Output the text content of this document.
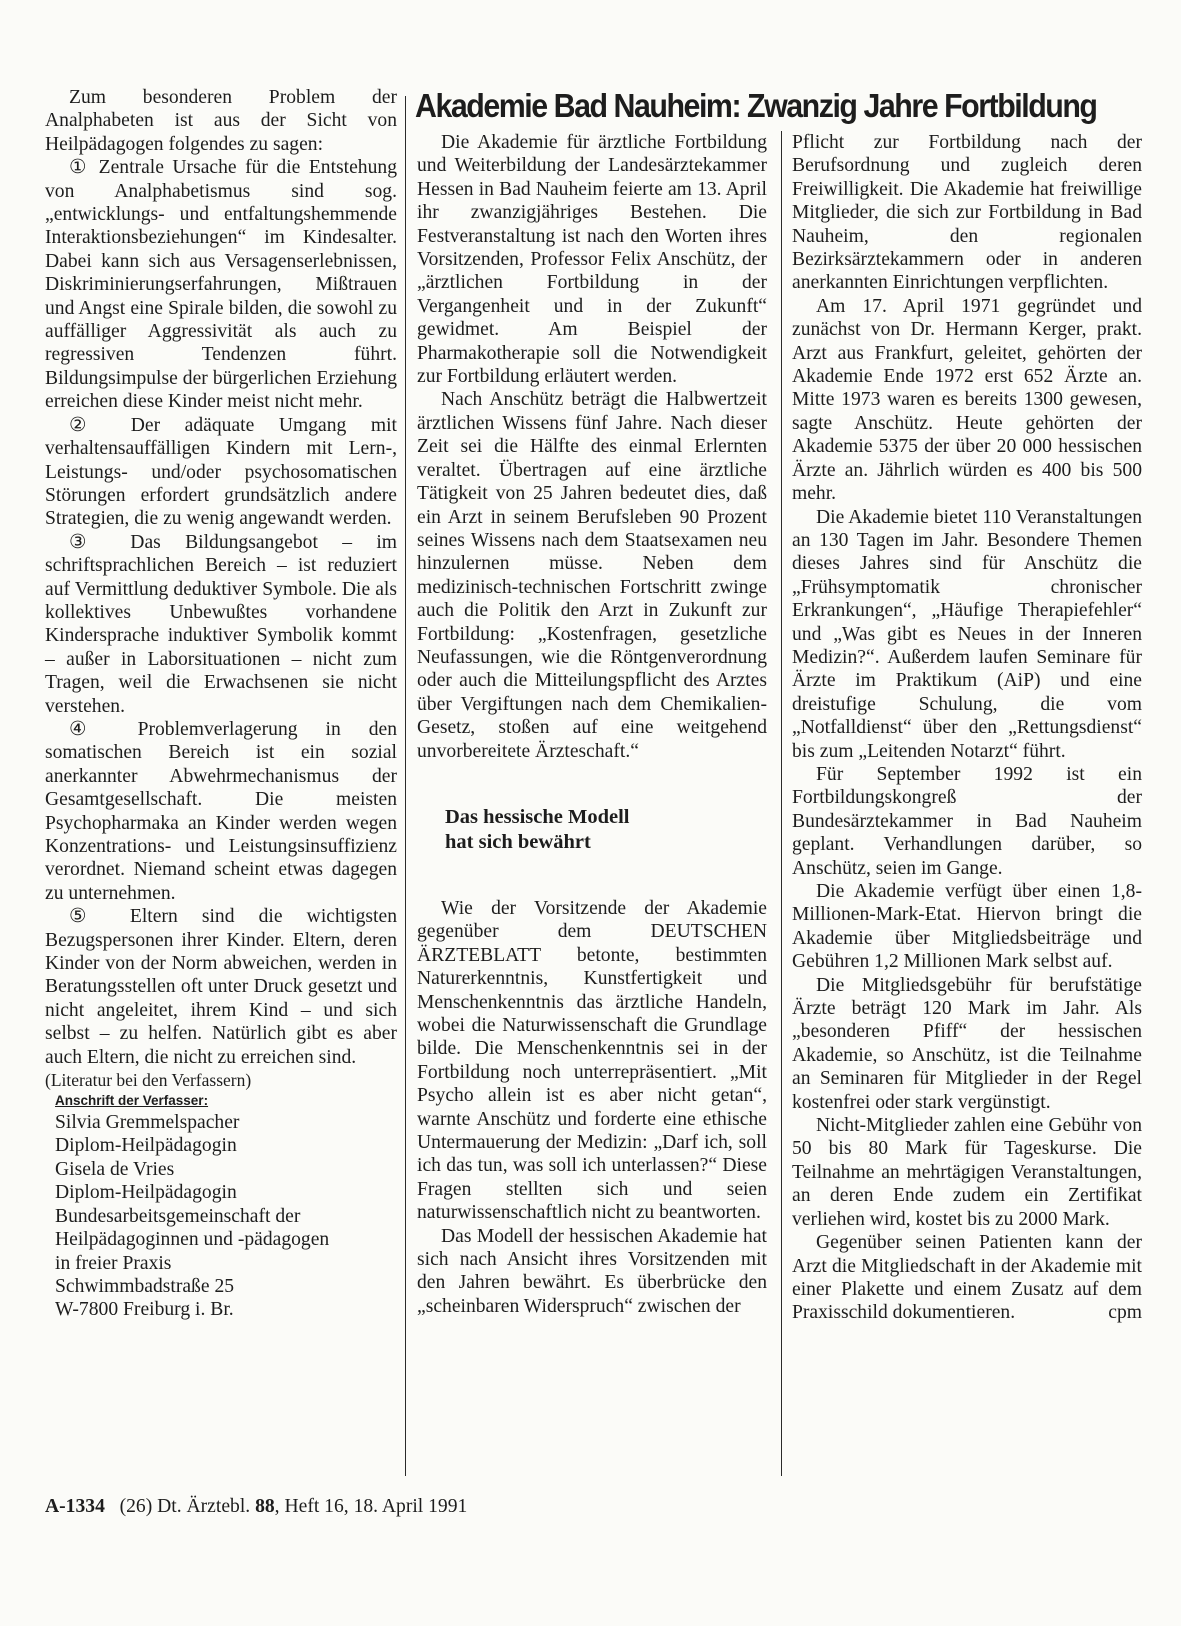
Akademie Bad Nauheim: Zwanzig Jahre Fortbildung

Zum besonderen Problem der Analphabeten ist aus der Sicht von Heilpädagogen folgendes zu sagen:

① Zentrale Ursache für die Entstehung von Analphabetismus sind sog. „entwicklungs- und entfaltungshemmende Interaktionsbeziehungen“ im Kindesalter. Dabei kann sich aus Versagenserlebnissen, Diskriminierungserfahrungen, Mißtrauen und Angst eine Spirale bilden, die sowohl zu auffälliger Aggressivität als auch zu regressiven Tendenzen führt. Bildungsimpulse der bürgerlichen Erziehung erreichen diese Kinder meist nicht mehr.

② Der adäquate Umgang mit verhaltensauffälligen Kindern mit Lern-, Leistungs- und/oder psychosomatischen Störungen erfordert grundsätzlich andere Strategien, die zu wenig angewandt werden.

③ Das Bildungsangebot – im schriftsprachlichen Bereich – ist reduziert auf Vermittlung deduktiver Symbole. Die als kollektives Unbewußtes vorhandene Kindersprache induktiver Symbolik kommt – außer in Laborsituationen – nicht zum Tragen, weil die Erwachsenen sie nicht verstehen.

④ Problemverlagerung in den somatischen Bereich ist ein sozial anerkannter Abwehrmechanismus der Gesamtgesellschaft. Die meisten Psychopharmaka an Kinder werden wegen Konzentrations- und Leistungsinsuffizienz verordnet. Niemand scheint etwas dagegen zu unternehmen.

⑤ Eltern sind die wichtigsten Bezugspersonen ihrer Kinder. Eltern, deren Kinder von der Norm abweichen, werden in Beratungsstellen oft unter Druck gesetzt und nicht angeleitet, ihrem Kind – und sich selbst – zu helfen. Natürlich gibt es aber auch Eltern, die nicht zu erreichen sind.

(Literatur bei den Verfassern)
Anschrift der Verfasser:
Silvia Gremmelspacher
Diplom-Heilpädagogin
Gisela de Vries
Diplom-Heilpädagogin
Bundesarbeitsgemeinschaft der
Heilpädagoginnen und -pädagogen
in freier Praxis
Schwimmbadstraße 25
W-7800 Freiburg i. Br.

Die Akademie für ärztliche Fortbildung und Weiterbildung der Landesärztekammer Hessen in Bad Nauheim feierte am 13. April ihr zwanzigjähriges Bestehen. Die Festveranstaltung ist nach den Worten ihres Vorsitzenden, Professor Felix Anschütz, der „ärztlichen Fortbildung in der Vergangenheit und in der Zukunft“ gewidmet. Am Beispiel der Pharmakotherapie soll die Notwendigkeit zur Fortbildung erläutert werden.

Nach Anschütz beträgt die Halbwertzeit ärztlichen Wissens fünf Jahre. Nach dieser Zeit sei die Hälfte des einmal Erlernten veraltet. Übertragen auf eine ärztliche Tätigkeit von 25 Jahren bedeutet dies, daß ein Arzt in seinem Berufsleben 90 Prozent seines Wissens nach dem Staatsexamen neu hinzulernen müsse. Neben dem medizinisch-technischen Fortschritt zwinge auch die Politik den Arzt in Zukunft zur Fortbildung: „Kostenfragen, gesetzliche Neufassungen, wie die Röntgenverordnung oder auch die Mitteilungspflicht des Arztes über Vergiftungen nach dem Chemikalien-Gesetz, stoßen auf eine weitgehend unvorbereitete Ärzteschaft.“

Das hessische Modell
hat sich bewährt

Wie der Vorsitzende der Akademie gegenüber dem DEUTSCHEN ÄRZTEBLATT betonte, bestimmten Naturerkenntnis, Kunstfertigkeit und Menschenkenntnis das ärztliche Handeln, wobei die Naturwissenschaft die Grundlage bilde. Die Menschenkenntnis sei in der Fortbildung noch unterrepräsentiert. „Mit Psycho allein ist es aber nicht getan“, warnte Anschütz und forderte eine ethische Untermauerung der Medizin: „Darf ich, soll ich das tun, was soll ich unterlassen?“ Diese Fragen stellten sich und seien naturwissenschaftlich nicht zu beantworten.

Das Modell der hessischen Akademie hat sich nach Ansicht ihres Vorsitzenden mit den Jahren bewährt. Es überbrücke den „scheinbaren Widerspruch“ zwischen der

Pflicht zur Fortbildung nach der Berufsordnung und zugleich deren Freiwilligkeit. Die Akademie hat freiwillige Mitglieder, die sich zur Fortbildung in Bad Nauheim, den regionalen Bezirksärztekammern oder in anderen anerkannten Einrichtungen verpflichten.

Am 17. April 1971 gegründet und zunächst von Dr. Hermann Kerger, prakt. Arzt aus Frankfurt, geleitet, gehörten der Akademie Ende 1972 erst 652 Ärzte an. Mitte 1973 waren es bereits 1300 gewesen, sagte Anschütz. Heute gehörten der Akademie 5375 der über 20 000 hessischen Ärzte an. Jährlich würden es 400 bis 500 mehr.

Die Akademie bietet 110 Veranstaltungen an 130 Tagen im Jahr. Besondere Themen dieses Jahres sind für Anschütz die „Frühsymptomatik chronischer Erkrankungen“, „Häufige Therapiefehler“ und „Was gibt es Neues in der Inneren Medizin?“. Außerdem laufen Seminare für Ärzte im Praktikum (AiP) und eine dreistufige Schulung, die vom „Notfalldienst“ über den „Rettungsdienst“ bis zum „Leitenden Notarzt“ führt.

Für September 1992 ist ein Fortbildungskongreß der Bundesärztekammer in Bad Nauheim geplant. Verhandlungen darüber, so Anschütz, seien im Gange.

Die Akademie verfügt über einen 1,8-Millionen-Mark-Etat. Hiervon bringt die Akademie über Mitgliedsbeiträge und Gebühren 1,2 Millionen Mark selbst auf.

Die Mitgliedsgebühr für berufstätige Ärzte beträgt 120 Mark im Jahr. Als „besonderen Pfiff“ der hessischen Akademie, so Anschütz, ist die Teilnahme an Seminaren für Mitglieder in der Regel kostenfrei oder stark vergünstigt.

Nicht-Mitglieder zahlen eine Gebühr von 50 bis 80 Mark für Tageskurse. Die Teilnahme an mehrtägigen Veranstaltungen, an deren Ende zudem ein Zertifikat verliehen wird, kostet bis zu 2000 Mark.

Gegenüber seinen Patienten kann der Arzt die Mitgliedschaft in der Akademie mit einer Plakette und einem Zusatz auf dem Praxisschild dokumentieren.	cpm
A-1334 (26) Dt. Ärztebl. 88, Heft 16, 18. April 1991
